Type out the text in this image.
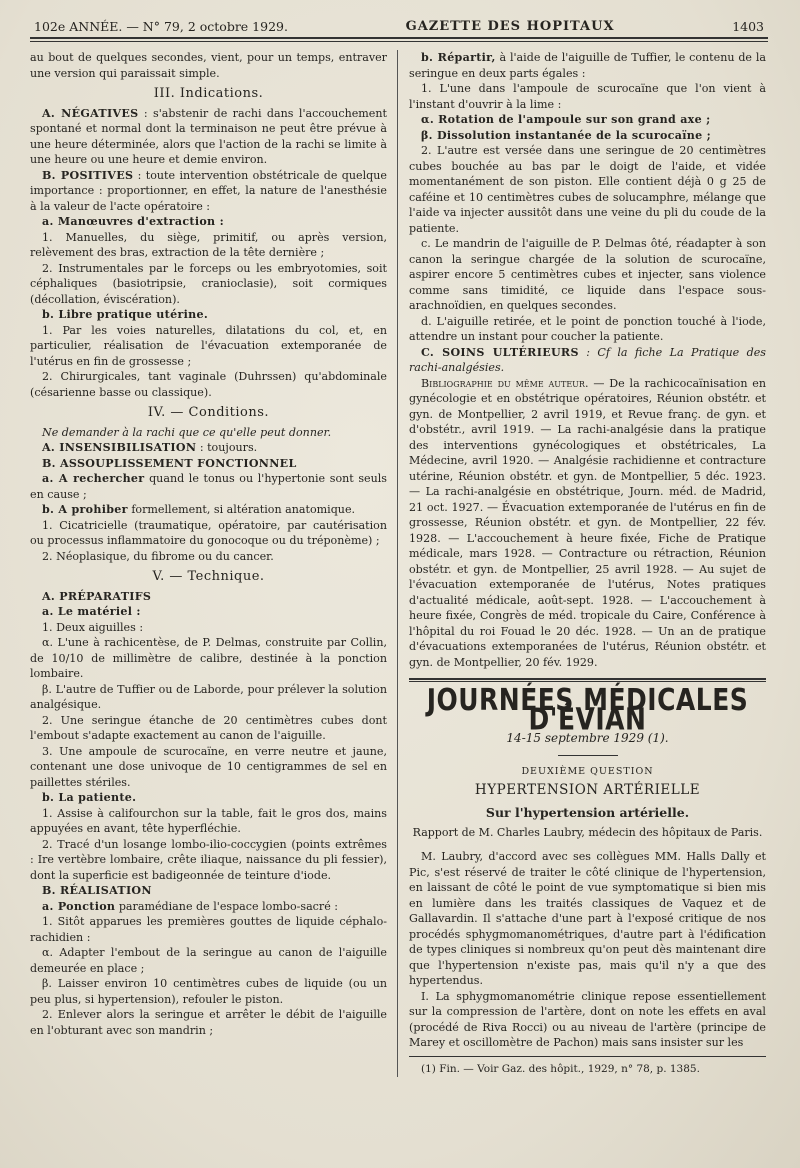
102e ANNÉE. — N° 79, 2 octobre 1929.	GAZETTE DES HOPITAUX	1403

au bout de quelques secondes, vient, pour un temps, entraver une version qui paraissait simple.

III. Indications.

A. NÉGATIVES : s'abstenir de rachi dans l'accouchement spontané et normal dont la terminaison ne peut être prévue à une heure déterminée, alors que l'action de la rachi se limite à une heure ou une heure et demie environ.

B. POSITIVES : toute intervention obstétricale de quelque importance : proportionner, en effet, la nature de l'anesthésie à la valeur de l'acte opératoire :

a. Manœuvres d'extraction :

1. Manuelles, du siège, primitif, ou après version, relèvement des bras, extraction de la tête dernière ;

2. Instrumentales par le forceps ou les embryotomies, soit céphaliques (basiotripsie, cranioclasie), soit cormiques (décollation, éviscération).

b. Libre pratique utérine.

1. Par les voies naturelles, dilatations du col, et, en particulier, réalisation de l'évacuation extemporanée de l'utérus en fin de grossesse ;

2. Chirurgicales, tant vaginale (Duhrssen) qu'abdominale (césarienne basse ou classique).

IV. — Conditions.

Ne demander à la rachi que ce qu'elle peut donner.

A. INSENSIBILISATION : toujours.

B. ASSOUPLISSEMENT FONCTIONNEL

a. A rechercher quand le tonus ou l'hypertonie sont seuls en cause ;

b. A prohiber formellement, si altération anatomique.

1. Cicatricielle (traumatique, opératoire, par cautérisation ou processus inflammatoire du gonocoque ou du tréponème) ;

2. Néoplasique, du fibrome ou du cancer.

V. — Technique.

A. PRÉPARATIFS

a. Le matériel :

1. Deux aiguilles :

α. L'une à rachicentèse, de P. Delmas, construite par Collin, de 10/10 de millimètre de calibre, destinée à la ponction lombaire.

β. L'autre de Tuffier ou de Laborde, pour prélever la solution analgésique.

2. Une seringue étanche de 20 centimètres cubes dont l'embout s'adapte exactement au canon de l'aiguille.

3. Une ampoule de scurocaïne, en verre neutre et jaune, contenant une dose univoque de 10 centigrammes de sel en paillettes stériles.

b. La patiente.

1. Assise à califourchon sur la table, fait le gros dos, mains appuyées en avant, tête hyperfléchie.

2. Tracé d'un losange lombo-ilio-coccygien (points extrêmes : Ire vertèbre lombaire, crête iliaque, naissance du pli fessier), dont la superficie est badigeonnée de teinture d'iode.

B. RÉALISATION

a. Ponction paramédiane de l'espace lombo-sacré :

1. Sitôt apparues les premières gouttes de liquide céphalo-rachidien :

α. Adapter l'embout de la seringue au canon de l'aiguille demeurée en place ;

β. Laisser environ 10 centimètres cubes de liquide (ou un peu plus, si hypertension), refouler le piston.

2. Enlever alors la seringue et arrêter le débit de l'aiguille en l'obturant avec son mandrin ;

b. Répartir, à l'aide de l'aiguille de Tuffier, le contenu de la seringue en deux parts égales :

1. L'une dans l'ampoule de scurocaïne que l'on vient à l'instant d'ouvrir à la lime :

α. Rotation de l'ampoule sur son grand axe ;

β. Dissolution instantanée de la scurocaïne ;

2. L'autre est versée dans une seringue de 20 centimètres cubes bouchée au bas par le doigt de l'aide, et vidée momentanément de son piston. Elle contient déjà 0 g 25 de caféine et 10 centimètres cubes de solucamphre, mélange que l'aide va injecter aussitôt dans une veine du pli du coude de la patiente.

c. Le mandrin de l'aiguille de P. Delmas ôté, réadapter à son canon la seringue chargée de la solution de scurocaïne, aspirer encore 5 centimètres cubes et injecter, sans violence comme sans timidité, ce liquide dans l'espace sous-arachnoïdien, en quelques secondes.

d. L'aiguille retirée, et le point de ponction touché à l'iode, attendre un instant pour coucher la patiente.

C. SOINS ULTÉRIEURS : Cf la fiche La Pratique des rachi-analgésies.

Bibliographie du même auteur. — De la rachicocaïnisation en gynécologie et en obstétrique opératoires, Réunion obstétr. et gyn. de Montpellier, 2 avril 1919, et Revue franç. de gyn. et d'obstétr., avril 1919. — La rachi-analgésie dans la pratique des interventions gynécologiques et obstétricales, La Médecine, avril 1920. — Analgésie rachidienne et contracture utérine, Réunion obstétr. et gyn. de Montpellier, 5 déc. 1923. — La rachi-analgésie en obstétrique, Journ. méd. de Madrid, 21 oct. 1927. — Évacuation extemporanée de l'utérus en fin de grossesse, Réunion obstétr. et gyn. de Montpellier, 22 fév. 1928. — L'accouchement à heure fixée, Fiche de Pratique médicale, mars 1928. — Contracture ou rétraction, Réunion obstétr. et gyn. de Montpellier, 25 avril 1928. — Au sujet de l'évacuation extemporanée de l'utérus, Notes pratiques d'actualité médicale, août-sept. 1928. — L'accouchement à heure fixée, Congrès de méd. tropicale du Caire, Conférence à l'hôpital du roi Fouad le 20 déc. 1928. — Un an de pratique d'évacuations extemporanées de l'utérus, Réunion obstétr. et gyn. de Montpellier, 20 fév. 1929.

JOURNÉES MÉDICALES D'ÉVIAN
14-15 septembre 1929 (1).
DEUXIÈME QUESTION
HYPERTENSION ARTÉRIELLE
Sur l'hypertension artérielle.
Rapport de M. Charles Laubry, médecin des hôpitaux de Paris.

M. Laubry, d'accord avec ses collègues MM. Halls Dally et Pic, s'est réservé de traiter le côté clinique de l'hypertension, en laissant de côté le point de vue symptomatique si bien mis en lumière dans les traités classiques de Vaquez et de Gallavardin. Il s'attache d'une part à l'exposé critique de nos procédés sphygmomanométriques, d'autre part à l'édification de types cliniques si nombreux qu'on peut dès maintenant dire que l'hypertension n'existe pas, mais qu'il n'y a que des hypertendus.

I. La sphygmomanométrie clinique repose essentiellement sur la compression de l'artère, dont on note les effets en aval (procédé de Riva Rocci) ou au niveau de l'artère (principe de Marey et oscillomètre de Pachon) mais sans insister sur les

(1) Fin. — Voir Gaz. des hôpit., 1929, n° 78, p. 1385.
